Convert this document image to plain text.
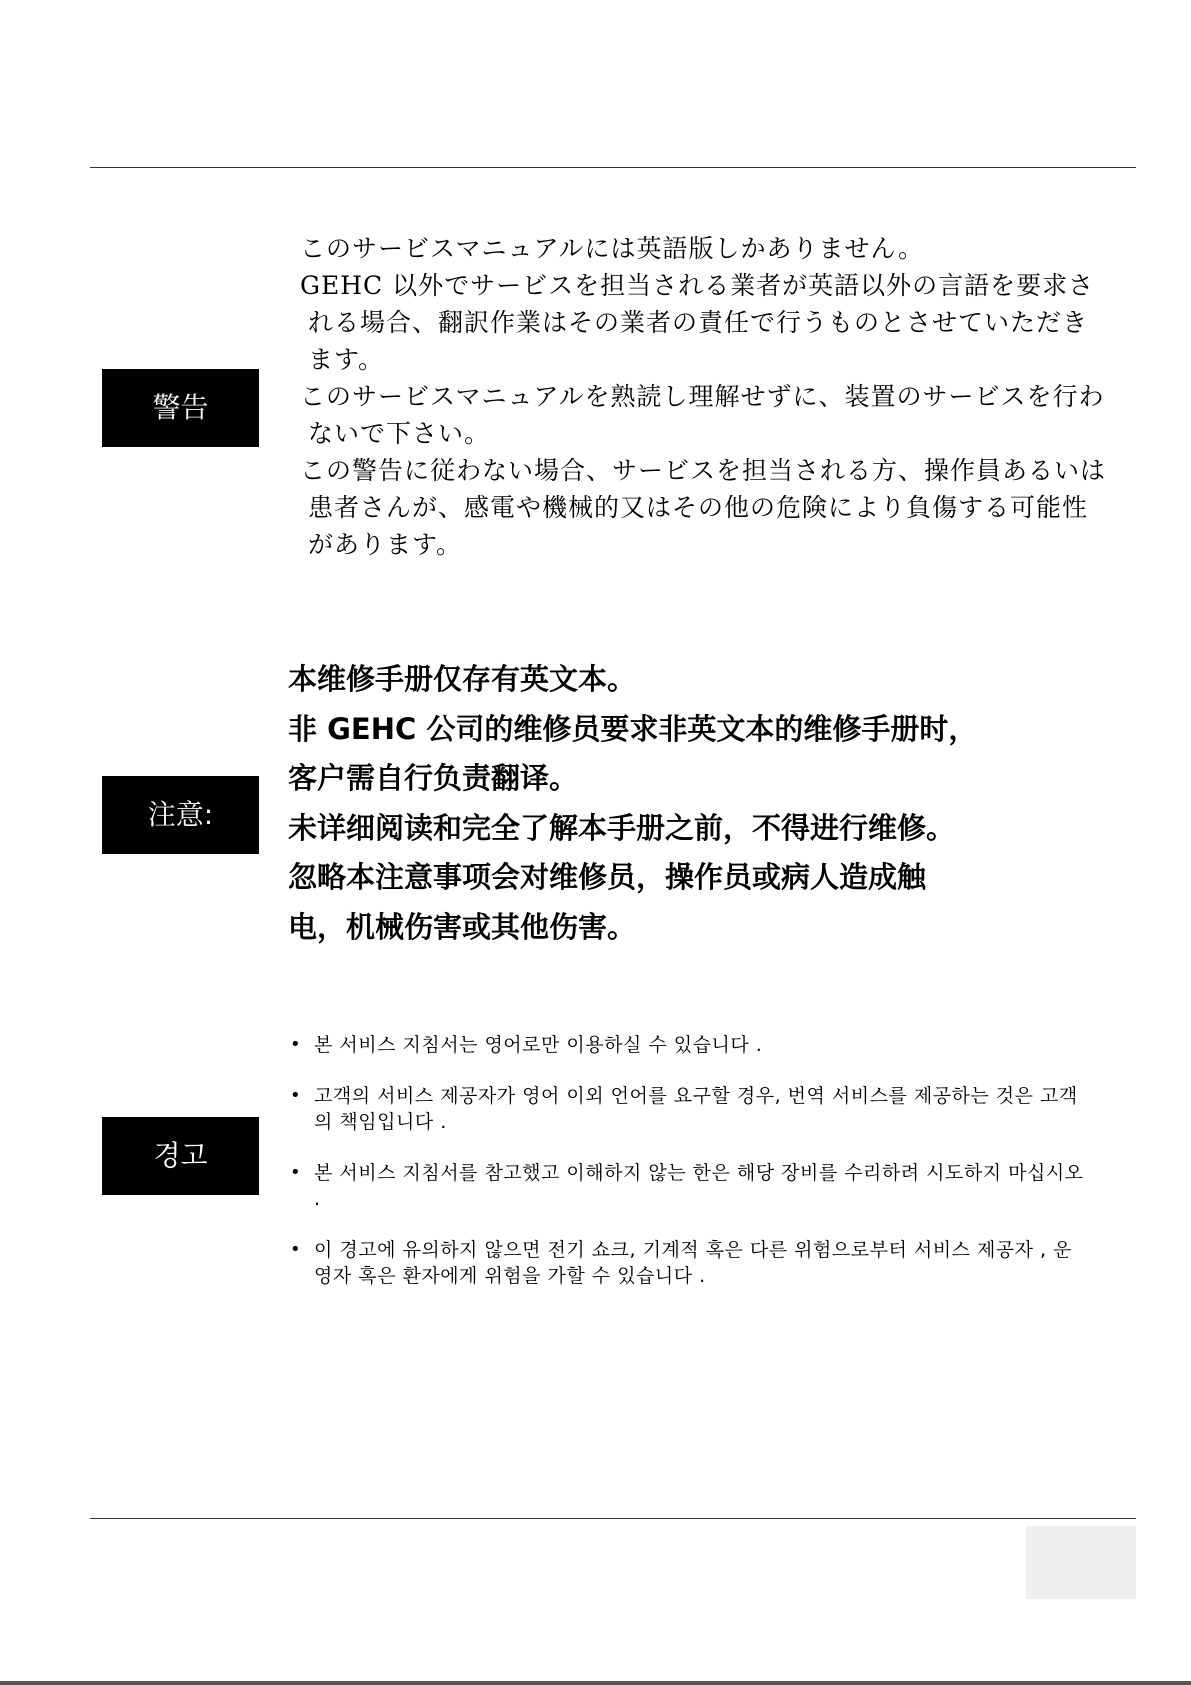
警告

このサービスマニュアルには英語版しかありません。

GEHC 以外でサービスを担当される業者が英語以外の言語を要求される場合、翻訳作業はその業者の責任で行うものとさせていただきます。

このサービスマニュアルを熟読し理解せずに、装置のサービスを行わないで下さい。

この警告に従わない場合、サービスを担当される方、操作員あるいは患者さんが、感電や機械的又はその他の危険により負傷する可能性があります。

注意:

本维修手册仅存有英文本。

非 GEHC 公司的维修员要求非英文本的维修手册时，

客户需自行负责翻译。

未详细阅读和完全了解本手册之前，不得进行维修。

忽略本注意事项会对维修员，操作员或病人造成触

电，机械伤害或其他伤害。

경고
• 본 서비스 지침서는 영어로만 이용하실 수 있습니다 .
• 고객의 서비스 제공자가 영어 이외 언어를 요구할 경우, 번역 서비스를 제공하는 것은 고객의 책임입니다 .
• 본 서비스 지침서를 참고했고 이해하지 않는 한은 해당 장비를 수리하려 시도하지 마십시오 .
• 이 경고에 유의하지 않으면 전기 쇼크, 기계적 혹은 다른 위험으로부터 서비스 제공자 , 운영자 혹은 환자에게 위험을 가할 수 있습니다 .
